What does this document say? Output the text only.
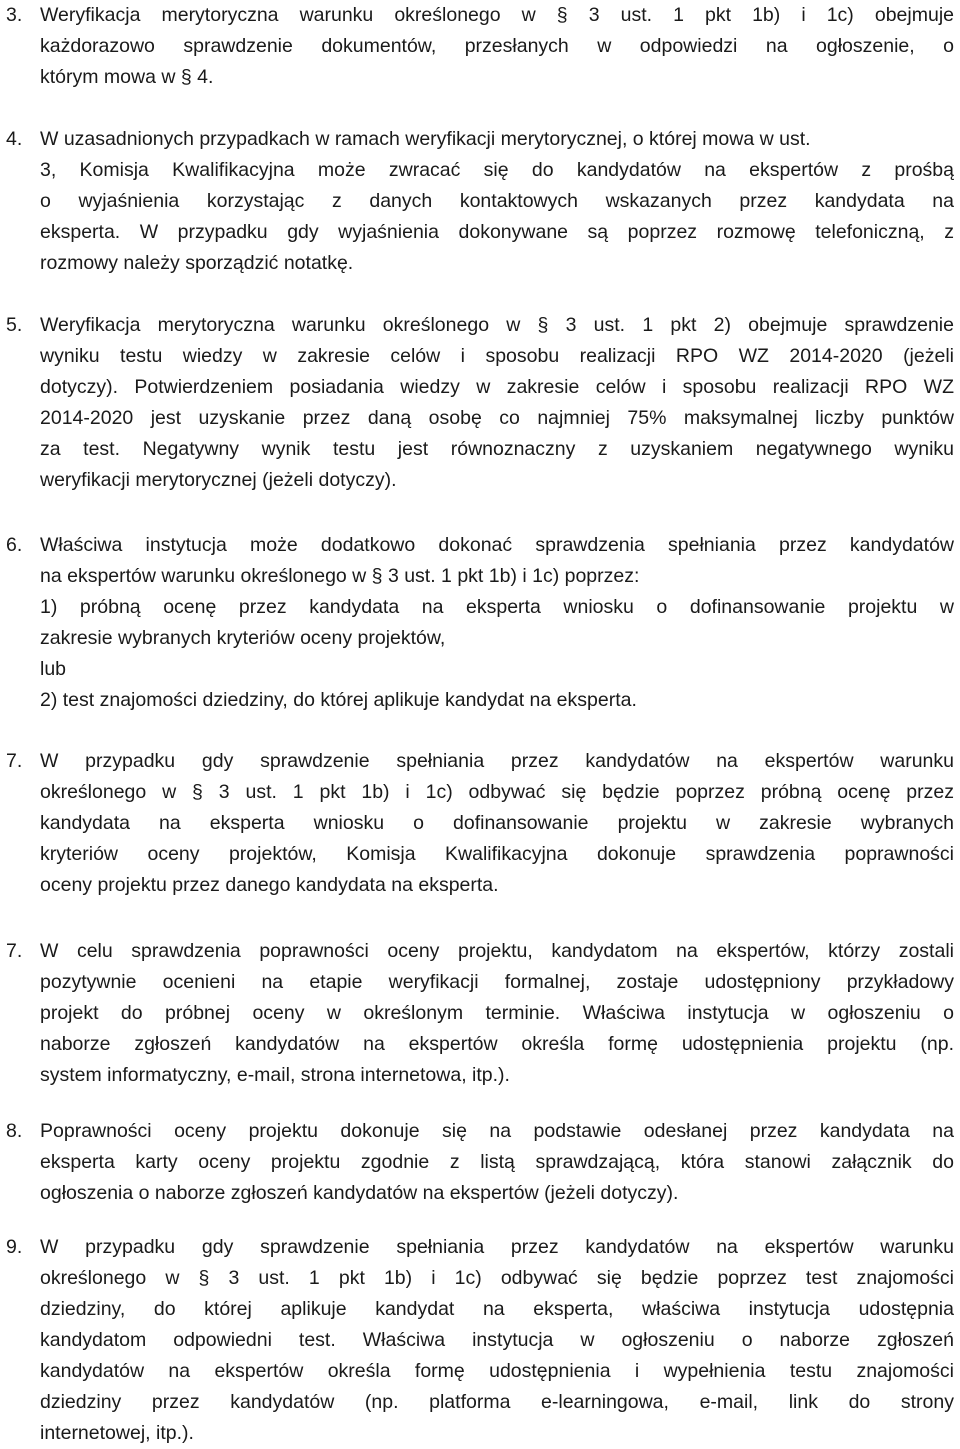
3. Weryfikacja merytoryczna warunku określonego w § 3 ust. 1 pkt 1b) i 1c) obejmuje
każdorazowo sprawdzenie dokumentów, przesłanych w odpowiedzi na ogłoszenie, o
którym mowa w § 4.
4. W uzasadnionych przypadkach w ramach weryfikacji merytorycznej, o której mowa w ust.
3, Komisja Kwalifikacyjna może zwracać się do kandydatów na ekspertów z prośbą
o wyjaśnienia korzystając z danych kontaktowych wskazanych przez kandydata na
eksperta. W przypadku gdy wyjaśnienia dokonywane są poprzez rozmowę telefoniczną, z
rozmowy należy sporządzić notatkę.
5. Weryfikacja merytoryczna warunku określonego w § 3 ust. 1 pkt 2) obejmuje sprawdzenie
wyniku testu wiedzy w zakresie celów i sposobu realizacji RPO WZ 2014-2020 (jeżeli
dotyczy). Potwierdzeniem posiadania wiedzy w zakresie celów i sposobu realizacji RPO WZ
2014-2020 jest uzyskanie przez daną osobę co najmniej 75% maksymalnej liczby punktów
za test. Negatywny wynik testu jest równoznaczny z uzyskaniem negatywnego wyniku
weryfikacji merytorycznej (jeżeli dotyczy).
6. Właściwa instytucja może dodatkowo dokonać sprawdzenia spełniania przez kandydatów
na ekspertów warunku określonego w § 3 ust. 1 pkt 1b) i 1c) poprzez:
1) próbną ocenę przez kandydata na eksperta wniosku o dofinansowanie projektu w
zakresie wybranych kryteriów oceny projektów,
lub
2) test znajomości dziedziny, do której aplikuje kandydat na eksperta.
7. W przypadku gdy sprawdzenie spełniania przez kandydatów na ekspertów warunku
określonego w § 3 ust. 1 pkt 1b) i 1c) odbywać się będzie poprzez próbną ocenę przez
kandydata na eksperta wniosku o dofinansowanie projektu w zakresie wybranych
kryteriów oceny projektów, Komisja Kwalifikacyjna dokonuje sprawdzenia poprawności
oceny projektu przez danego kandydata na eksperta.
7. W celu sprawdzenia poprawności oceny projektu, kandydatom na ekspertów, którzy zostali
pozytywnie ocenieni na etapie weryfikacji formalnej, zostaje udostępniony przykładowy
projekt do próbnej oceny w określonym terminie. Właściwa instytucja w ogłoszeniu o
naborze zgłoszeń kandydatów na ekspertów określa formę udostępnienia projektu (np.
system informatyczny, e-mail, strona internetowa, itp.).
8. Poprawności oceny projektu dokonuje się na podstawie odesłanej przez kandydata na
eksperta karty oceny projektu zgodnie z listą sprawdzającą, która stanowi załącznik do
ogłoszenia o naborze zgłoszeń kandydatów na ekspertów (jeżeli dotyczy).
9. W przypadku gdy sprawdzenie spełniania przez kandydatów na ekspertów warunku
określonego w § 3 ust. 1 pkt 1b) i 1c) odbywać się będzie poprzez test znajomości
dziedziny, do której aplikuje kandydat na eksperta, właściwa instytucja udostępnia
kandydatom odpowiedni test. Właściwa instytucja w ogłoszeniu o naborze zgłoszeń
kandydatów na ekspertów określa formę udostępnienia i wypełnienia testu znajomości
dziedziny przez kandydatów (np. platforma e-learningowa, e-mail, link do strony
internetowej, itp.).
